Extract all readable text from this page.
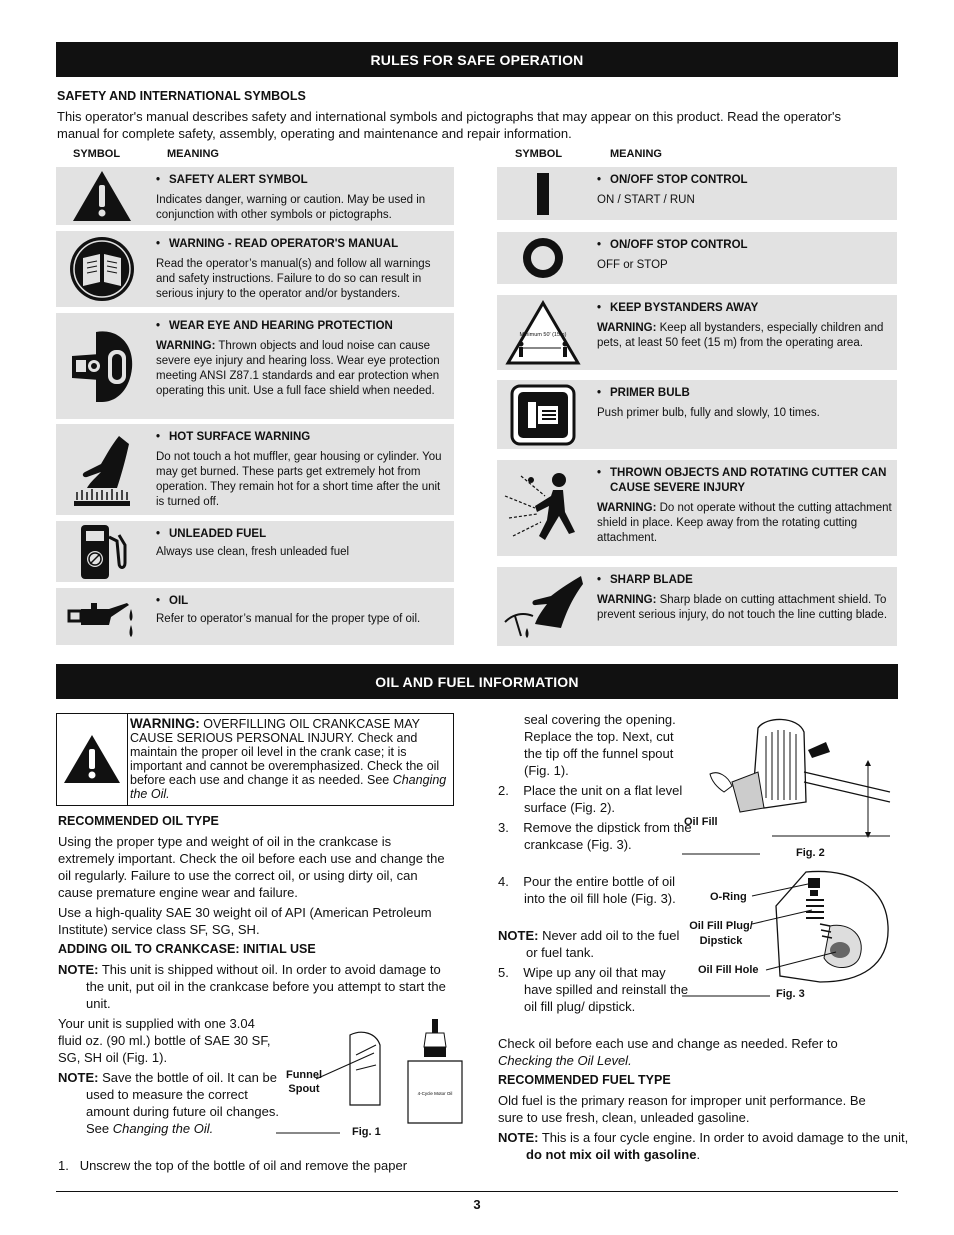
RULES FOR SAFE OPERATION
SAFETY AND INTERNATIONAL SYMBOLS
This operator's manual describes safety and international symbols and pictographs that may appear on this product. Read the operator's manual for complete safety, assembly, operating and maintenance and repair information.
SYMBOL	MEANING	SYMBOL	MEANING
• SAFETY ALERT SYMBOL
Indicates danger, warning or caution. May be used in conjunction with other symbols or pictographs.
• WARNING - READ OPERATOR'S MANUAL
Read the operator’s manual(s) and follow all warnings and safety instructions. Failure to do so can result in serious injury to the operator and/or bystanders.
• WEAR EYE AND HEARING PROTECTION
WARNING: Thrown objects and loud noise can cause severe eye injury and hearing loss. Wear eye protection meeting ANSI Z87.1 standards and ear protection when operating this unit. Use a full face shield when needed.
• HOT SURFACE WARNING
Do not touch a hot muffler, gear housing or cylinder. You may get burned. These parts get extremely hot from operation. They remain hot for a short time after the unit is turned off.
• UNLEADED FUEL
Always use clean, fresh unleaded fuel
• OIL
Refer to operator’s manual for the proper type of oil.
• ON/OFF STOP CONTROL
ON / START / RUN
• ON/OFF STOP CONTROL
OFF or STOP
Minimum 50' (15m)
• KEEP BYSTANDERS AWAY
WARNING: Keep all bystanders, especially children and pets, at least 50 feet (15 m) from the operating area.
• PRIMER BULB
Push primer bulb, fully and slowly, 10 times.
• THROWN OBJECTS AND ROTATING CUTTER CAN CAUSE SEVERE INJURY
WARNING: Do not operate without the cutting attachment shield in place. Keep away from the rotating cutting attachment.
• SHARP BLADE
WARNING: Sharp blade on cutting attachment shield. To prevent serious injury, do not touch the line cutting blade.
OIL AND FUEL INFORMATION
WARNING: OVERFILLING OIL CRANKCASE MAY CAUSE SERIOUS PERSONAL INJURY. Check and maintain the proper oil level in the crank case; it is important and cannot be overemphasized. Check the oil before each use and change it as needed. See Changing the Oil.
RECOMMENDED OIL TYPE
Using the proper type and weight of oil in the crankcase is extremely important. Check the oil before each use and change the oil regularly. Failure to use the correct oil, or using dirty oil, can cause premature engine wear and failure.
Use a high-quality SAE 30 weight oil of API (American Petroleum Institute) service class SF, SG, SH.
ADDING OIL TO CRANKCASE: INITIAL USE
NOTE: This unit is shipped without oil. In order to avoid damage to the unit, put oil in the crankcase before you attempt to start the unit.
Your unit is supplied with one 3.04 fluid oz. (90 ml.) bottle of SAE 30 SF, SG, SH oil (Fig. 1).
NOTE: Save the bottle of oil. It can be used to measure the correct amount during future oil changes. See Changing the Oil.
1. Unscrew the top of the bottle of oil and remove the paper
4-Cycle Motor Oil
Funnel Spout
Fig. 1
seal covering the opening. Replace the top. Next, cut the tip off the funnel spout (Fig. 1).
2. Place the unit on a flat level surface (Fig. 2).
3. Remove the dipstick from the crankcase (Fig. 3).
4. Pour the entire bottle of oil into the oil fill hole (Fig. 3).
NOTE: Never add oil to the fuel or fuel tank.
5. Wipe up any oil that may have spilled and reinstall the oil fill plug/ dipstick.
Check oil before each use and change as needed. Refer to Checking the Oil Level.
RECOMMENDED FUEL TYPE
Old fuel is the primary reason for improper unit performance. Be sure to use fresh, clean, unleaded gasoline.
NOTE: This is a four cycle engine. In order to avoid damage to the unit, do not mix oil with gasoline.
Oil Fill
Fig. 2
O-Ring
Oil Fill Plug/ Dipstick
Oil Fill Hole
Fig. 3
3
